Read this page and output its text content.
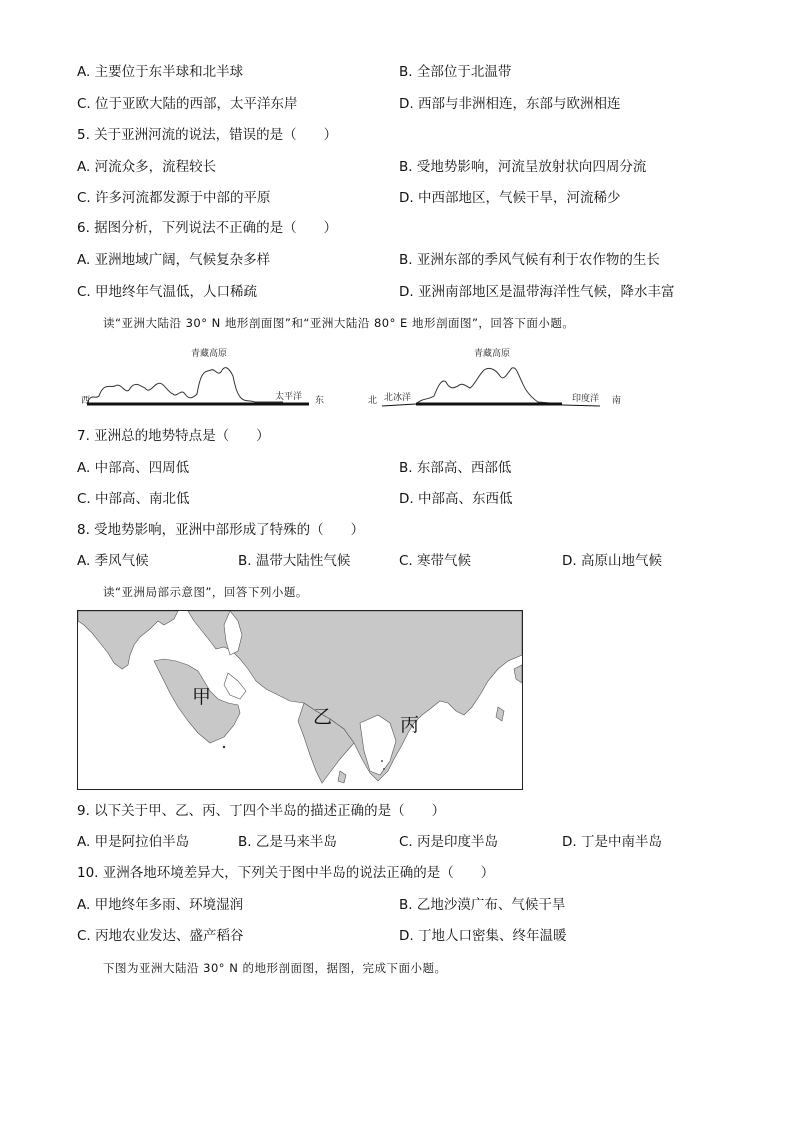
A. 主要位于东半球和北半球	B. 全部位于北温带
C. 位于亚欧大陆的西部，太平洋东岸	D. 西部与非洲相连，东部与欧洲相连
5. 关于亚洲河流的说法，错误的是（　　）
A. 河流众多，流程较长	B. 受地势影响，河流呈放射状向四周分流
C. 许多河流都发源于中部的平原	D. 中西部地区，气候干旱，河流稀少
6. 据图分析，下列说法不正确的是（　　）
A. 亚洲地域广阔，气候复杂多样	B. 亚洲东部的季风气候有利于农作物的生长
C. 甲地终年气温低，人口稀疏	D. 亚洲南部地区是温带海洋性气候，降水丰富
读“亚洲大陆沿 30° N 地形剖面图”和“亚洲大陆沿 80° E 地形剖面图”，回答下面小题。
青藏高原
西	东
太平洋
青藏高原
北	南
北冰洋	印度洋
7. 亚洲总的地势特点是（　　）
A. 中部高、四周低	B. 东部高、西部低
C. 中部高、南北低	D. 中部高、东西低
8. 受地势影响，亚洲中部形成了特殊的（　　）
A. 季风气候	B. 温带大陆性气候	C. 寒带气候	D. 高原山地气候
读“亚洲局部示意图”，回答下列小题。
甲
乙	丙
9. 以下关于甲、乙、丙、丁四个半岛的描述正确的是（　　）
A. 甲是阿拉伯半岛	B. 乙是马来半岛	C. 丙是印度半岛	D. 丁是中南半岛
10. 亚洲各地环境差异大，下列关于图中半岛的说法正确的是（　　）
A. 甲地终年多雨、环境湿润	B. 乙地沙漠广布、气候干旱
C. 丙地农业发达、盛产稻谷	D. 丁地人口密集、终年温暖
下图为亚洲大陆沿 30° N 的地形剖面图，据图，完成下面小题。
